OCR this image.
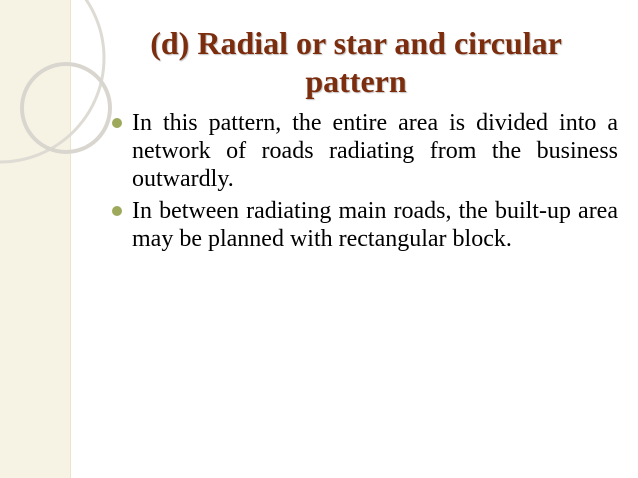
(d) Radial or star and circular pattern
In this pattern, the entire area is divided into a network of roads radiating from the business outwardly.
In between radiating main roads, the built-up area may be planned with rectangular block.
